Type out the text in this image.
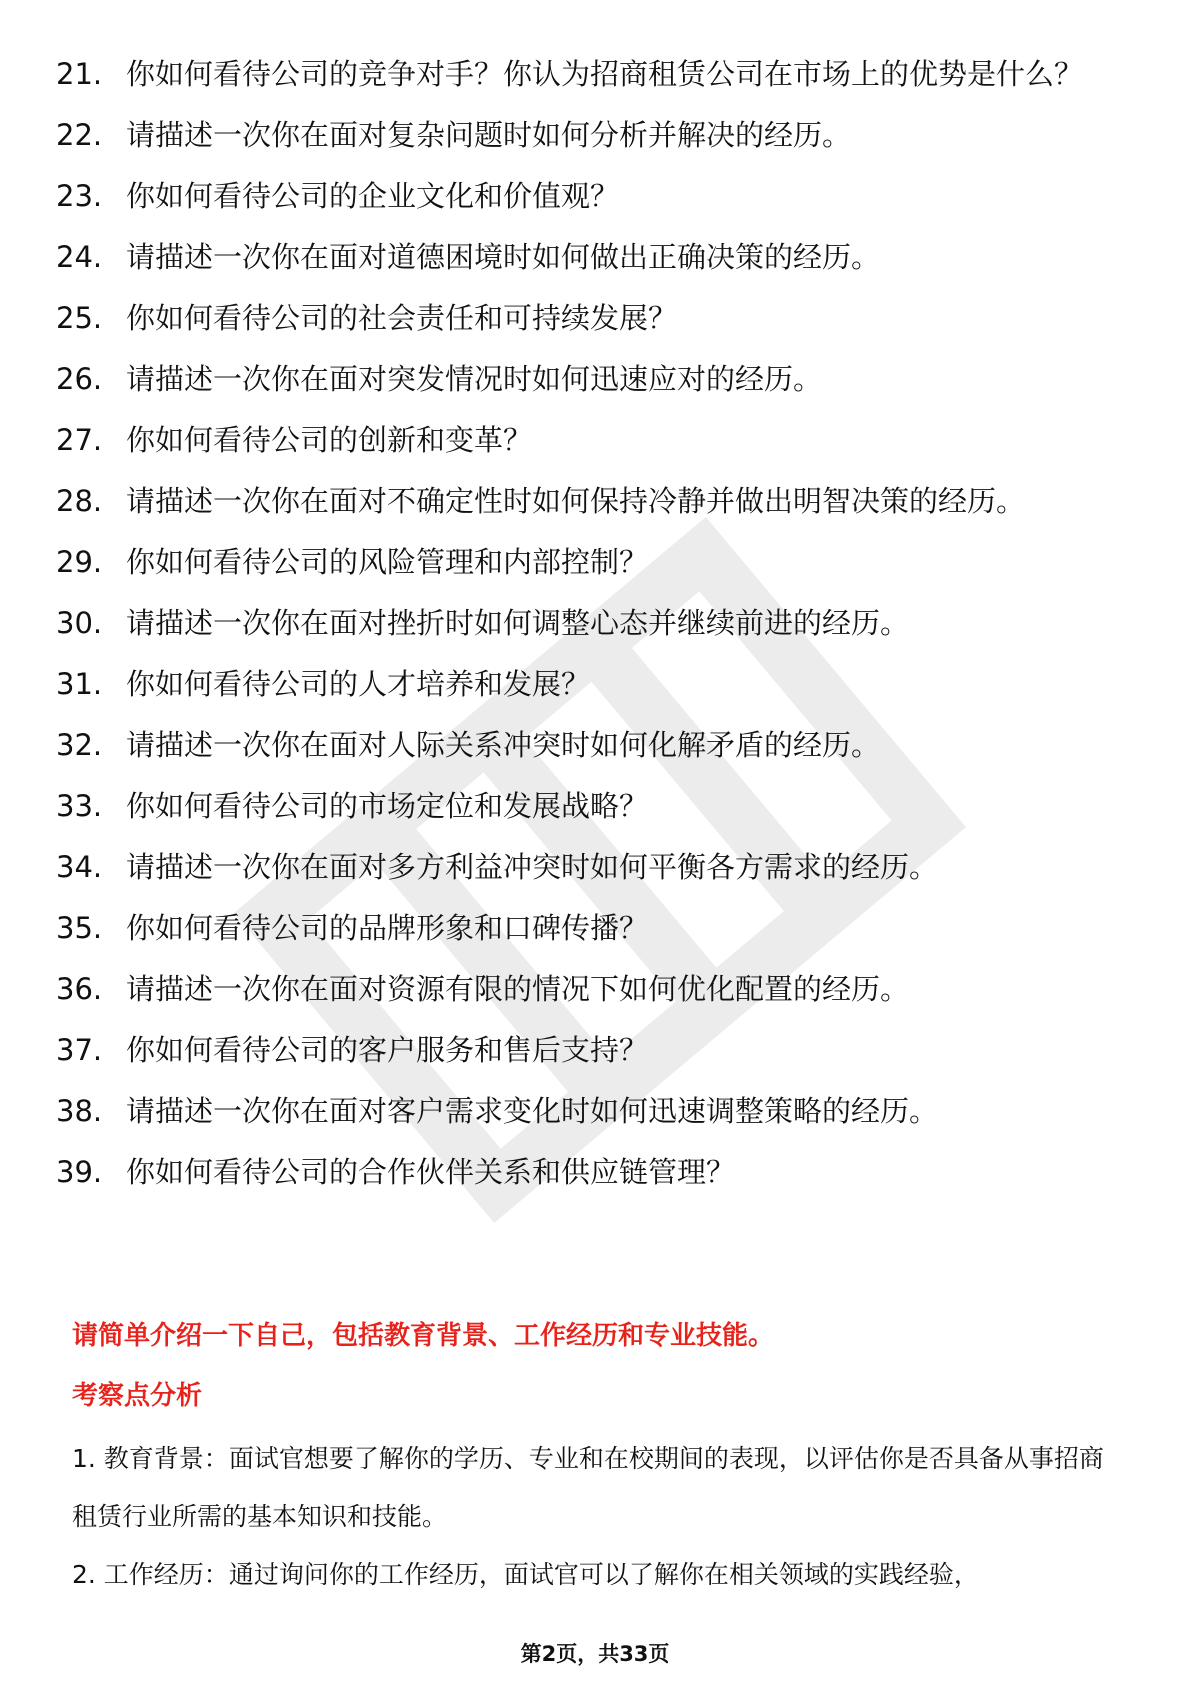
21. 你如何看待公司的竞争对手？你认为招商租赁公司在市场上的优势是什么？
22. 请描述一次你在面对复杂问题时如何分析并解决的经历。
23. 你如何看待公司的企业文化和价值观？
24. 请描述一次你在面对道德困境时如何做出正确决策的经历。
25. 你如何看待公司的社会责任和可持续发展？
26. 请描述一次你在面对突发情况时如何迅速应对的经历。
27. 你如何看待公司的创新和变革？
28. 请描述一次你在面对不确定性时如何保持冷静并做出明智决策的经历。
29. 你如何看待公司的风险管理和内部控制？
30. 请描述一次你在面对挫折时如何调整心态并继续前进的经历。
31. 你如何看待公司的人才培养和发展？
32. 请描述一次你在面对人际关系冲突时如何化解矛盾的经历。
33. 你如何看待公司的市场定位和发展战略？
34. 请描述一次你在面对多方利益冲突时如何平衡各方需求的经历。
35. 你如何看待公司的品牌形象和口碑传播？
36. 请描述一次你在面对资源有限的情况下如何优化配置的经历。
37. 你如何看待公司的客户服务和售后支持？
38. 请描述一次你在面对客户需求变化时如何迅速调整策略的经历。
39. 你如何看待公司的合作伙伴关系和供应链管理？

请简单介绍一下自己，包括教育背景、工作经历和专业技能。

考察点分析

1. 教育背景：面试官想要了解你的学历、专业和在校期间的表现，以评估你是否具备从事招商租赁行业所需的基本知识和技能。
2. 工作经历：通过询问你的工作经历，面试官可以了解你在相关领域的实践经验，
第2页，共33页
